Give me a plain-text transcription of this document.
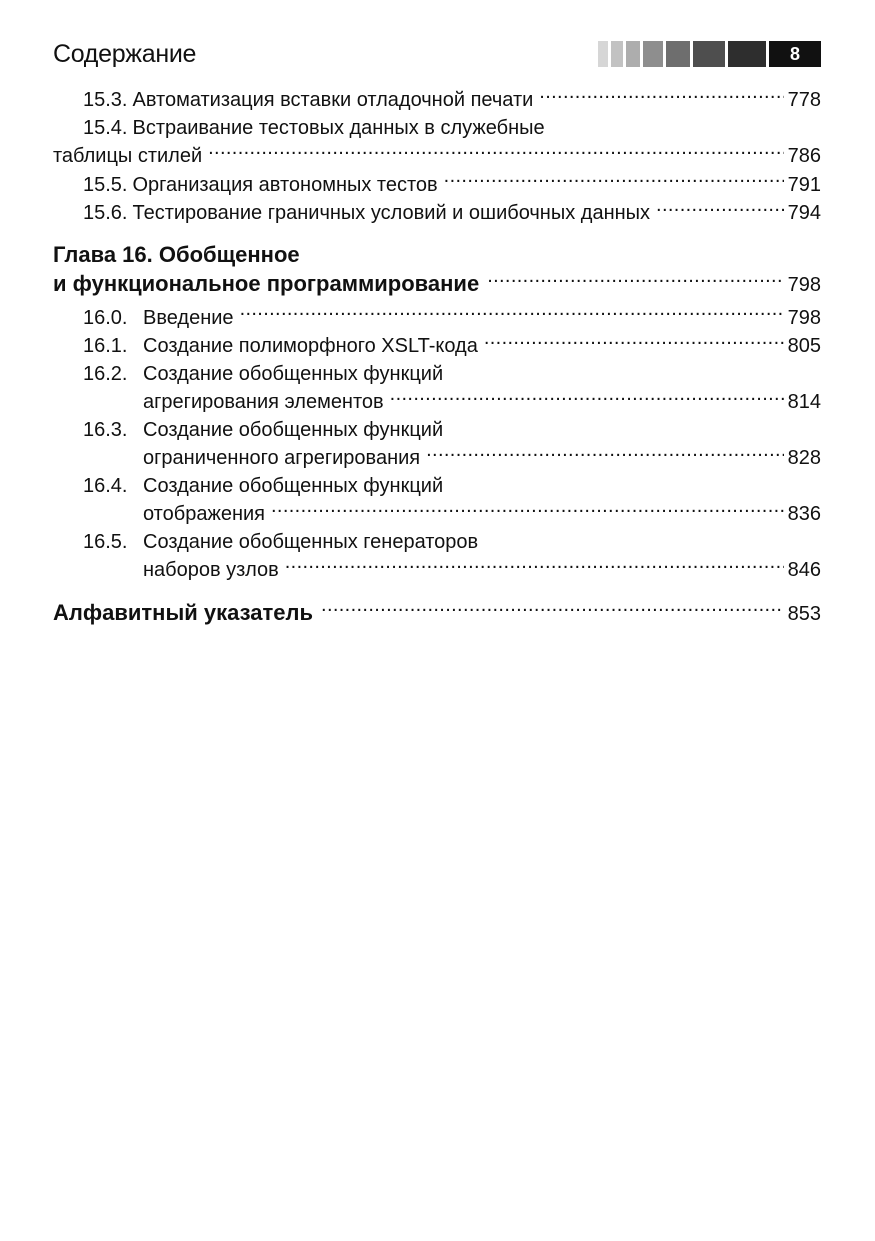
Содержание	8
15.3. Автоматизация вставки отладочной печати . . .	778
15.4. Встраивание тестовых данных в служебные
таблицы стилей . . .	786
15.5. Организация автономных тестов . . .	791
15.6. Тестирование граничных условий и ошибочных данных . . .	794
Глава 16. Обобщенное
и функциональное программирование . . .	798
16.0. Введение . . .	798
16.1. Создание полиморфного XSLT-кода . . .	805
16.2. Создание обобщенных функций
агрегирования элементов . . .	814
16.3. Создание обобщенных функций
ограниченного агрегирования . . .	828
16.4. Создание обобщенных функций
отображения . . .	836
16.5. Создание обобщенных генераторов
наборов узлов . . .	846
Алфавитный указатель . . .	853
